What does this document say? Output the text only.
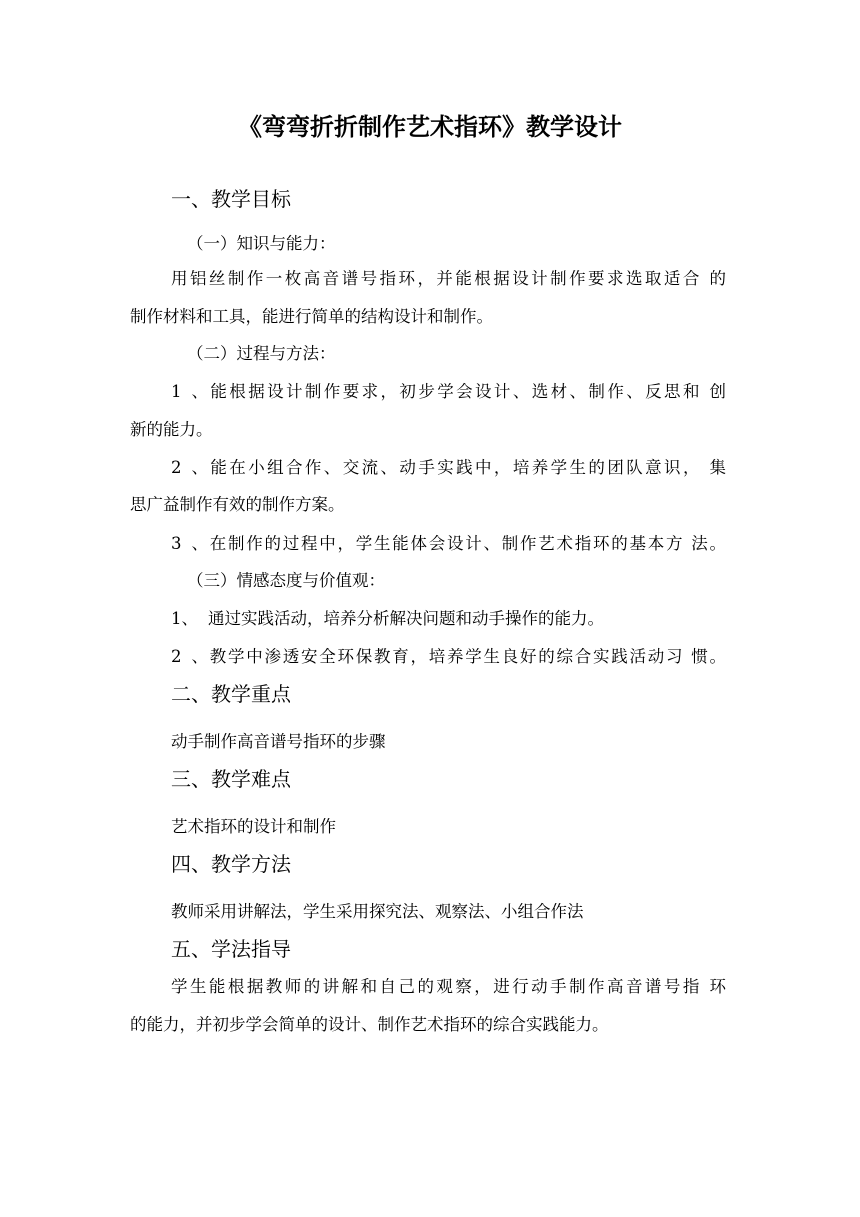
《弯弯折折制作艺术指环》教学设计
一、教学目标
（一）知识与能力：
用铝丝制作一枚高音谱号指环，并能根据设计制作要求选取适合 的
制作材料和工具，能进行简单的结构设计和制作。
（二）过程与方法：
1、能根据设计制作要求，初步学会设计、选材、制作、反思和 创
新的能力。
2、能在小组合作、交流、动手实践中，培养学生的团队意识， 集
思广益制作有效的制作方案。
3、在制作的过程中，学生能体会设计、制作艺术指环的基本方 法。
（三）情感态度与价值观：
1、 通过实践活动，培养分析解决问题和动手操作的能力。
2、教学中渗透安全环保教育，培养学生良好的综合实践活动习 惯。
二、教学重点
动手制作高音谱号指环的步骤
三、教学难点
艺术指环的设计和制作
四、教学方法
教师采用讲解法，学生采用探究法、观察法、小组合作法
五、学法指导
学生能根据教师的讲解和自己的观察，进行动手制作高音谱号指 环
的能力，并初步学会简单的设计、制作艺术指环的综合实践能力。
